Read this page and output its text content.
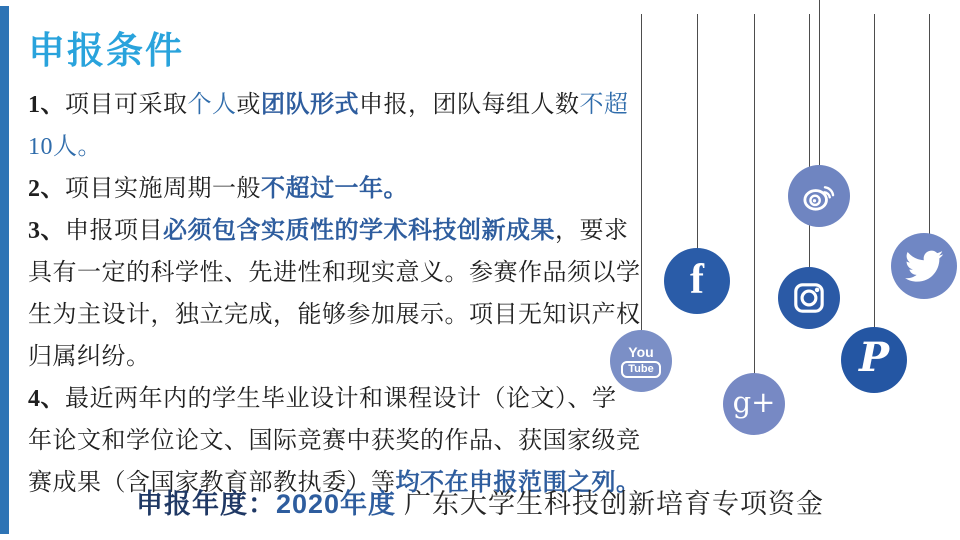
申报条件
1、项目可采取个人或团队形式申报，团队每组人数不超
10人。
2、项目实施周期一般不超过一年。
3、申报项目必须包含实质性的学术科技创新成果，要求
具有一定的科学性、先进性和现实意义。参赛作品须以学
生为主设计，独立完成，能够参加展示。项目无知识产权
归属纠纷。
4、最近两年内的学生毕业设计和课程设计（论文）、学
年论文和学位论文、国际竞赛中获奖的作品、获国家级竞
赛成果（含国家教育部教执委）等均不在申报范围之列。
You
Tube
f
g+
P
申报年度：2020年度 广东大学生科技创新培育专项资金
